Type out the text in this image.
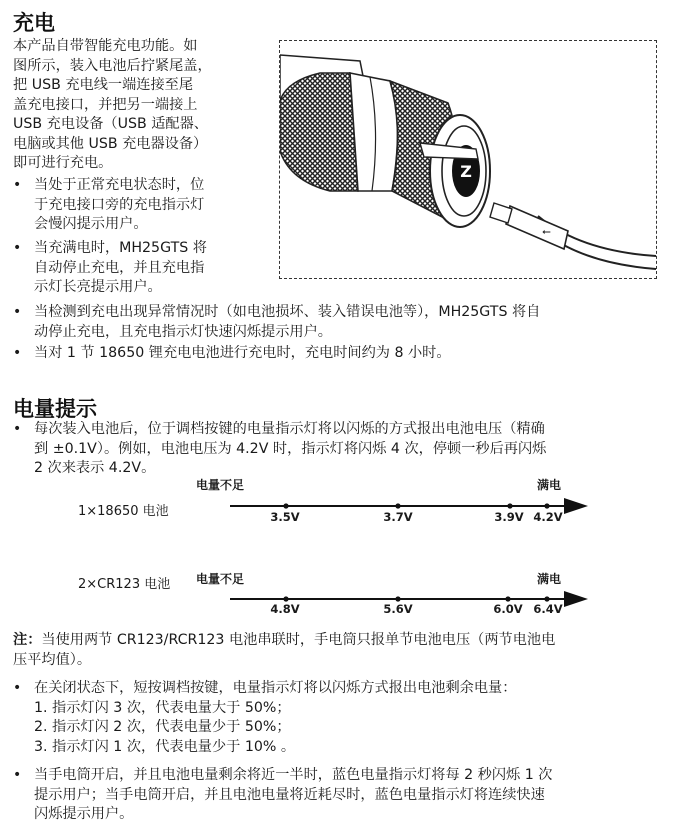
充电
本产品自带智能充电功能。如
图所示，装入电池后拧紧尾盖，
把 USB 充电线一端连接至尾
盖充电接口，并把另一端接上
USB 充电设备（USB 适配器、
电脑或其他 USB 充电器设备）
即可进行充电。
• 当处于正常充电状态时，位
于充电接口旁的充电指示灯
会慢闪提示用户。
• 当充满电时，MH25GTS 将
自动停止充电，并且充电指
示灯长亮提示用户。
• 当检测到充电出现异常情况时（如电池损坏、装入错误电池等），MH25GTS 将自
动停止充电，且充电指示灯快速闪烁提示用户。
• 当对 1 节 18650 锂充电电池进行充电时，充电时间约为 8 小时。
Z
⭠
电量提示
• 每次装入电池后，位于调档按键的电量指示灯将以闪烁的方式报出电池电压（精确
到 ±0.1V）。例如，电池电压为 4.2V 时，指示灯将闪烁 4 次，停顿一秒后再闪烁
2 次来表示 4.2V。
1×18650 电池
电量不足	满电
3.5V	3.7V	3.9V 4.2V
2×CR123 电池 电量不足	满电
4.8V	5.6V	6.0V 6.4V
注：当使用两节 CR123/RCR123 电池串联时，手电筒只报单节电池电压（两节电池电
压平均值）。
• 在关闭状态下，短按调档按键，电量指示灯将以闪烁方式报出电池剩余电量：
1. 指示灯闪 3 次，代表电量大于 50%；
2. 指示灯闪 2 次，代表电量少于 50%；
3. 指示灯闪 1 次，代表电量少于 10% 。
• 当手电筒开启，并且电池电量剩余将近一半时，蓝色电量指示灯将每 2 秒闪烁 1 次
提示用户；当手电筒开启，并且电池电量将近耗尽时，蓝色电量指示灯将连续快速
闪烁提示用户。
